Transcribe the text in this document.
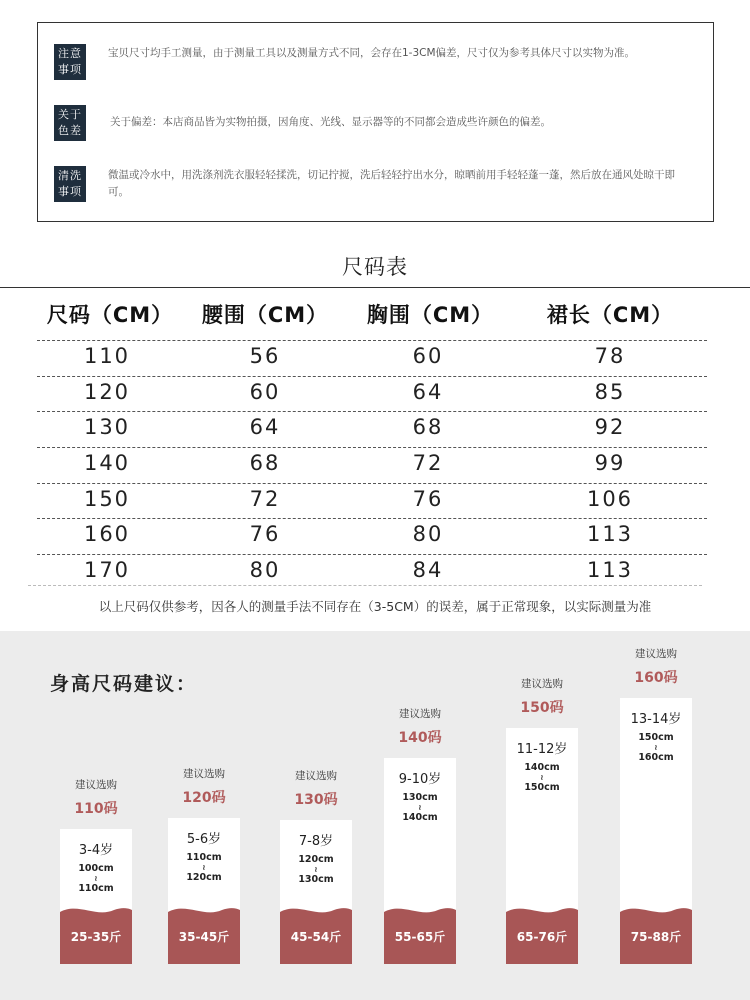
注意
事项
宝贝尺寸均手工测量，由于测量工具以及测量方式不同，会存在1-3CM偏差，尺寸仅为参考具体尺寸以实物为准。
关于
色差
关于偏差：本店商品皆为实物拍摄，因角度、光线、显示器等的不同都会造成些许颜色的偏差。
清洗
事项
微温或冷水中，用洗涤剂洗衣服轻轻揉洗，切记拧搅，洗后轻轻拧出水分，晾晒前用手轻轻蓬一蓬，然后放在通风处晾干即可。
尺码表
尺码（CM）	腰围（CM）	胸围（CM）	裙长（CM）
110	56	60	78
120	60	64	85
130	64	68	92
140	68	72	99
150	72	76	106
160	76	80	113
170	80	84	113
以上尺码仅供参考，因各人的测量手法不同存在（3-5CM）的误差，属于正常现象，以实际测量为准
身高尺码建议：
建议选购
110码
3-4岁
100cm
≀
110cm
25-35斤
建议选购
120码
5-6岁
110cm
≀
120cm
35-45斤
建议选购
130码
7-8岁
120cm
≀
130cm
45-54斤
建议选购
140码
9-10岁
130cm
≀
140cm
55-65斤
建议选购
150码
11-12岁
140cm
≀
150cm
65-76斤
建议选购
160码
13-14岁
150cm
≀
160cm
75-88斤
